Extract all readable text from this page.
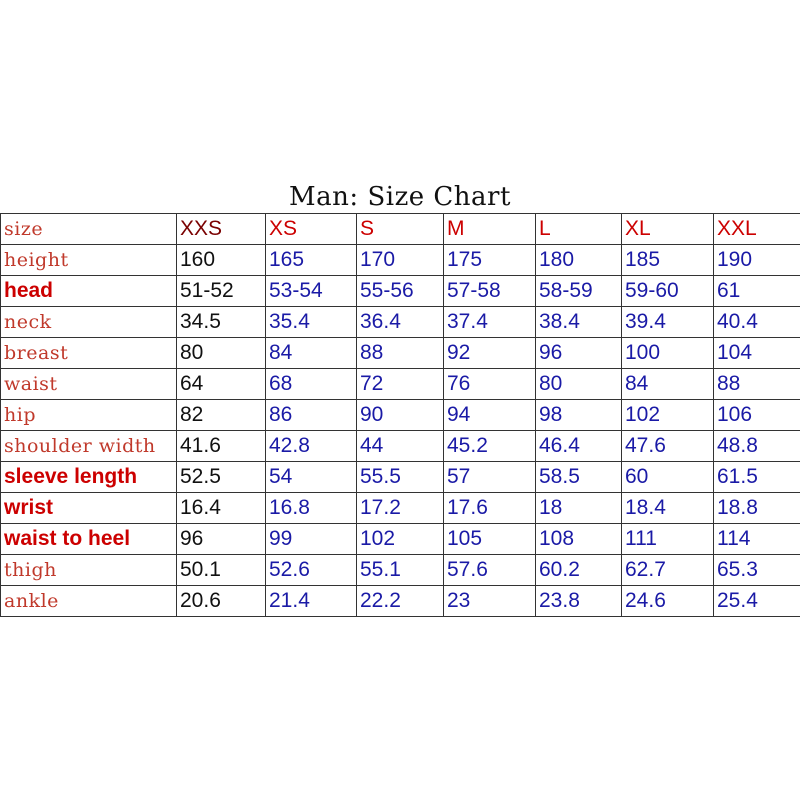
Man: Size Chart
size	XXS	XS	S	M	L	XL	XXL
height	160	165	170	175	180	185	190
head	51-52	53-54	55-56	57-58	58-59	59-60	61
neck	34.5	35.4	36.4	37.4	38.4	39.4	40.4
breast	80	84	88	92	96	100	104
waist	64	68	72	76	80	84	88
hip	82	86	90	94	98	102	106
shoulder width	41.6	42.8	44	45.2	46.4	47.6	48.8
sleeve length	52.5	54	55.5	57	58.5	60	61.5
wrist	16.4	16.8	17.2	17.6	18	18.4	18.8
waist to heel	96	99	102	105	108	111	114
thigh	50.1	52.6	55.1	57.6	60.2	62.7	65.3
ankle	20.6	21.4	22.2	23	23.8	24.6	25.4
